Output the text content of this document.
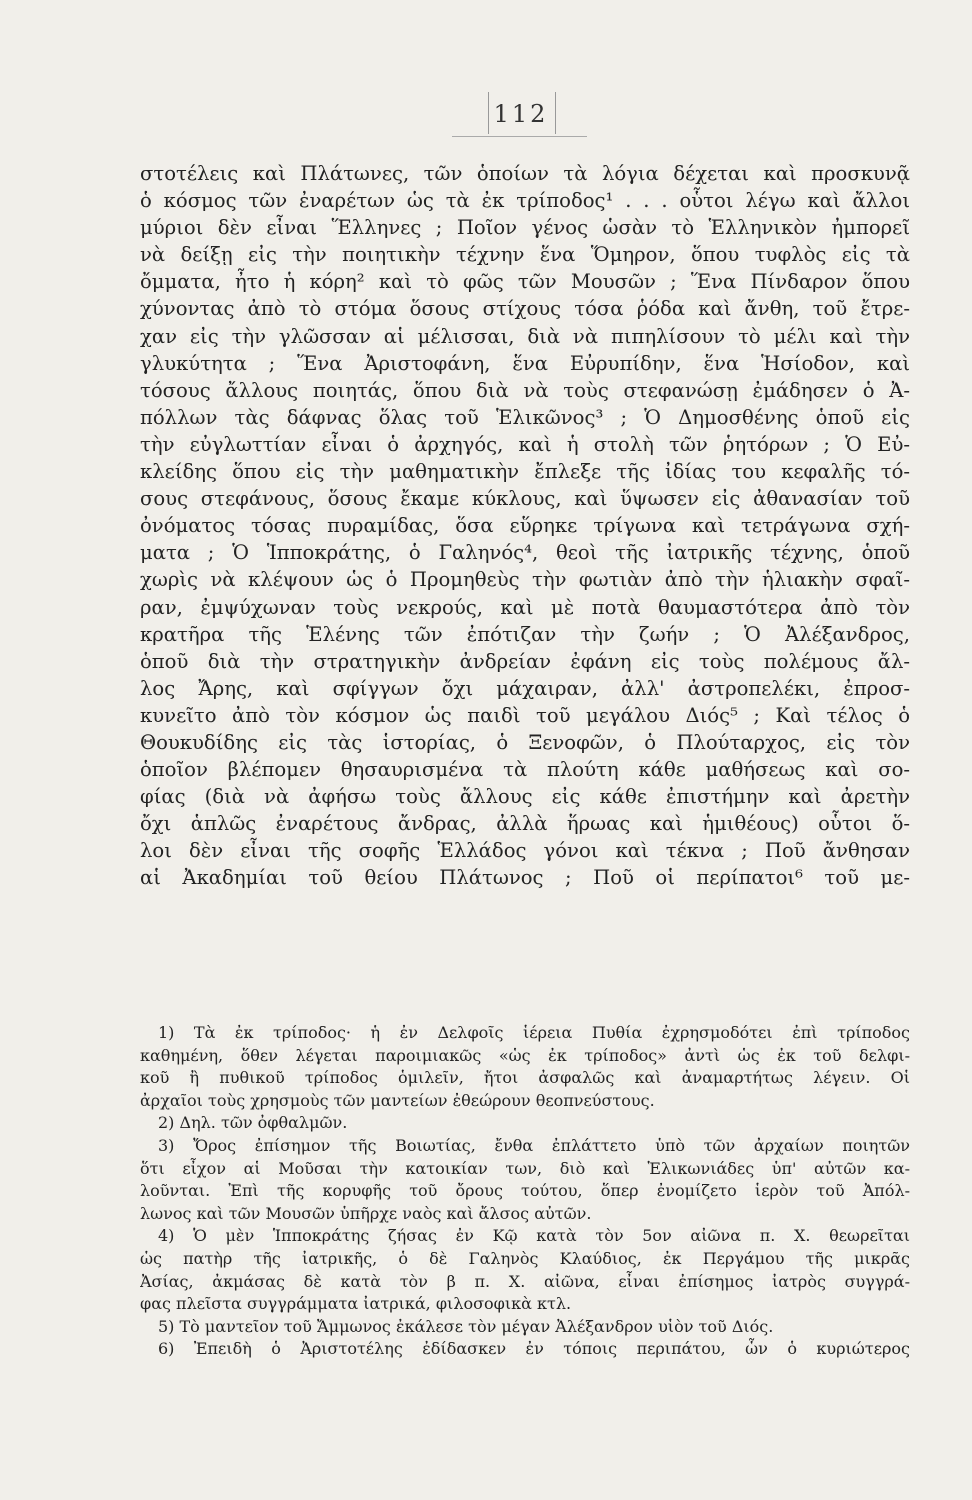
112
στοτέλεις καὶ Πλάτωνες, τῶν ὁποίων τὰ λόγια δέχεται καὶ προσκυνᾷ
ὁ κόσμος τῶν ἐναρέτων ὡς τὰ ἐκ τρίποδος¹ . . . οὗτοι λέγω καὶ ἄλλοι
μύριοι δὲν εἶναι Ἕλληνες ; Ποῖον γένος ὡσὰν τὸ Ἑλληνικὸν ἠμπορεῖ
νὰ δείξῃ εἰς τὴν ποιητικὴν τέχνην ἕνα Ὅμηρον, ὅπου τυφλὸς εἰς τὰ
ὄμματα, ἦτο ἡ κόρη² καὶ τὸ φῶς τῶν Μουσῶν ; Ἕνα Πίνδαρον ὅπου
χύνοντας ἀπὸ τὸ στόμα ὅσους στίχους τόσα ῥόδα καὶ ἄνθη, τοῦ ἔτρε-
χαν εἰς τὴν γλῶσσαν αἱ μέλισσαι, διὰ νὰ πιπηλίσουν τὸ μέλι καὶ τὴν
γλυκύτητα ; Ἕνα Ἀριστοφάνη, ἕνα Εὐρυπίδην, ἕνα Ἡσίοδον, καὶ
τόσους ἄλλους ποιητάς, ὅπου διὰ νὰ τοὺς στεφανώσῃ ἐμάδησεν ὁ Ἀ-
πόλλων τὰς δάφνας ὅλας τοῦ Ἑλικῶνος³ ; Ὁ Δημοσθένης ὁποῦ εἰς
τὴν εὐγλωττίαν εἶναι ὁ ἀρχηγός, καὶ ἡ στολὴ τῶν ῥητόρων ; Ὁ Εὐ-
κλείδης ὅπου εἰς τὴν μαθηματικὴν ἔπλεξε τῆς ἰδίας του κεφαλῆς τό-
σους στεφάνους, ὅσους ἔκαμε κύκλους, καὶ ὕψωσεν εἰς ἀθανασίαν τοῦ
ὀνόματος τόσας πυραμίδας, ὅσα εὕρηκε τρίγωνα καὶ τετράγωνα σχή-
ματα ; Ὁ Ἱπποκράτης, ὁ Γαληνός⁴, θεοὶ τῆς ἰατρικῆς τέχνης, ὁποῦ
χωρὶς νὰ κλέψουν ὡς ὁ Προμηθεὺς τὴν φωτιὰν ἀπὸ τὴν ἡλιακὴν σφαῖ-
ραν, ἐμψύχωναν τοὺς νεκρούς, καὶ μὲ ποτὰ θαυμαστότερα ἀπὸ τὸν
κρατῆρα τῆς Ἑλένης τῶν ἐπότιζαν τὴν ζωήν ; Ὁ Ἀλέξανδρος,
ὁποῦ διὰ τὴν στρατηγικὴν ἀνδρείαν ἐφάνη εἰς τοὺς πολέμους ἄλ-
λος Ἄρης, καὶ σφίγγων ὄχι μάχαιραν, ἀλλ' ἀστροπελέκι, ἐπροσ-
κυνεῖτο ἀπὸ τὸν κόσμον ὡς παιδὶ τοῦ μεγάλου Διός⁵ ; Καὶ τέλος ὁ
Θουκυδίδης εἰς τὰς ἱστορίας, ὁ Ξενοφῶν, ὁ Πλούταρχος, εἰς τὸν
ὁποῖον βλέπομεν θησαυρισμένα τὰ πλούτη κάθε μαθήσεως καὶ σο-
φίας (διὰ νὰ ἀφήσω τοὺς ἄλλους εἰς κάθε ἐπιστήμην καὶ ἀρετὴν
ὄχι ἁπλῶς ἐναρέτους ἄνδρας, ἀλλὰ ἥρωας καὶ ἡμιθέους) οὗτοι ὅ-
λοι δὲν εἶναι τῆς σοφῆς Ἑλλάδος γόνοι καὶ τέκνα ; Ποῦ ἄνθησαν
αἱ Ἀκαδημίαι τοῦ θείου Πλάτωνος ; Ποῦ οἱ περίπατοι⁶ τοῦ με-
1) Τὰ ἐκ τρίποδος· ἡ ἐν Δελφοῖς ἱέρεια Πυθία ἐχρησμοδότει ἐπὶ τρίποδος
καθημένη, ὅθεν λέγεται παροιμιακῶς «ὡς ἐκ τρίποδος» ἀντὶ ὡς ἐκ τοῦ δελφι-
κοῦ ἢ πυθικοῦ τρίποδος ὁμιλεῖν, ἤτοι ἀσφαλῶς καὶ ἀναμαρτήτως λέγειν. Οἱ
ἀρχαῖοι τοὺς χρησμοὺς τῶν μαντείων ἐθεώρουν θεοπνεύστους.
2) Δηλ. τῶν ὀφθαλμῶν.
3) Ὄρος ἐπίσημον τῆς Βοιωτίας, ἔνθα ἐπλάττετο ὑπὸ τῶν ἀρχαίων ποιητῶν
ὅτι εἶχον αἱ Μοῦσαι τὴν κατοικίαν των, διὸ καὶ Ἑλικωνιάδες ὑπ' αὐτῶν κα-
λοῦνται. Ἐπὶ τῆς κορυφῆς τοῦ ὄρους τούτου, ὅπερ ἐνομίζετο ἱερὸν τοῦ Ἀπόλ-
λωνος καὶ τῶν Μουσῶν ὑπῆρχε ναὸς καὶ ἄλσος αὐτῶν.
4) Ὁ μὲν Ἱπποκράτης ζήσας ἐν Κῷ κατὰ τὸν 5ον αἰῶνα π. Χ. θεωρεῖται
ὡς πατὴρ τῆς ἰατρικῆς, ὁ δὲ Γαληνὸς Κλαύδιος, ἐκ Περγάμου τῆς μικρᾶς
Ἀσίας, ἀκμάσας δὲ κατὰ τὸν β π. Χ. αἰῶνα, εἶναι ἐπίσημος ἰατρὸς συγγρά-
φας πλεῖστα συγγράμματα ἰατρικά, φιλοσοφικὰ κτλ.
5) Τὸ μαντεῖον τοῦ Ἄμμωνος ἐκάλεσε τὸν μέγαν Ἀλέξανδρον υἱὸν τοῦ Διός.
6) Ἐπειδὴ ὁ Ἀριστοτέλης ἐδίδασκεν ἐν τόποις περιπάτου, ὧν ὁ κυριώτερος
